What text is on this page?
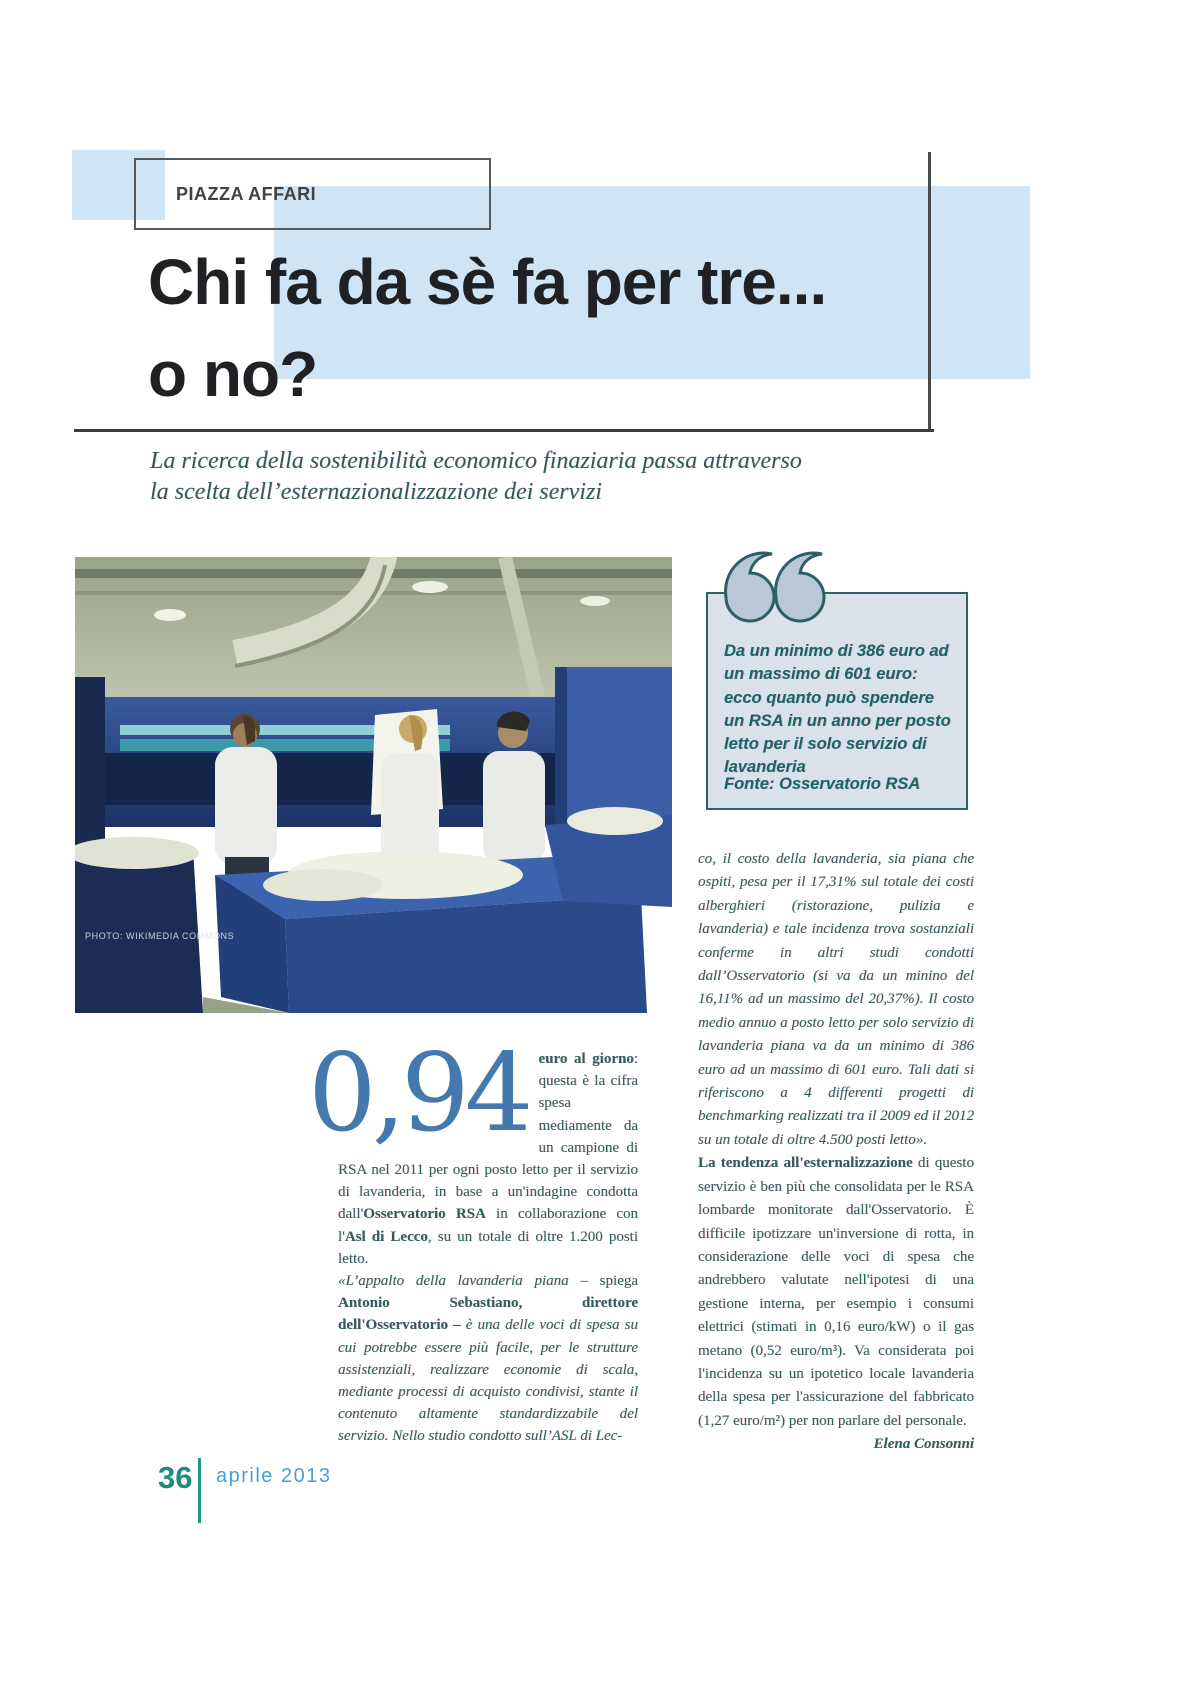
PIAZZA AFFARI
Chi fa da sè fa per tre...
o no?
La ricerca della sostenibilità economico finaziaria passa attraverso
la scelta dell’esternazionalizzazione dei servizi
PHOTO: WIKIMEDIA COMMONS
Da un minimo di 386 euro ad un massimo di 601 euro: ecco quanto può spendere un RSA in un anno per posto letto per il solo servizio di lavanderia
Fonte: Osservatorio RSA

0,94 euro al giorno: questa è la cifra spesa mediamente da un campione di RSA nel 2011 per ogni posto letto per il servizio di lavanderia, in base a un'indagine condotta dall'Osservatorio RSA in collaborazione con l'Asl di Lecco, su un totale di oltre 1.200 posti letto.

«L’appalto della lavanderia piana – spiega Antonio Sebastiano, direttore dell'Osservatorio – è una delle voci di spesa su cui potrebbe essere più facile, per le strutture assistenziali, realizzare economie di scala, mediante processi di acquisto condivisi, stante il contenuto altamente standardizzabile del servizio. Nello studio condotto sull’ASL di Lec-

co, il costo della lavanderia, sia piana che ospiti, pesa per il 17,31% sul totale dei costi alberghieri (ristorazione, pulizia e lavanderia) e tale incidenza trova sostanziali conferme in altri studi condotti dall’Osservatorio (si va da un minino del 16,11% ad un massimo del 20,37%). Il costo medio annuo a posto letto per solo servizio di lavanderia piana va da un minimo di 386 euro ad un massimo di 601 euro. Tali dati si riferiscono a 4 differenti progetti di benchmarking realizzati tra il 2009 ed il 2012 su un totale di oltre 4.500 posti letto».

La tendenza all'esternalizzazione di questo servizio è ben più che consolidata per le RSA lombarde monitorate dall'Osservatorio. È difficile ipotizzare un'inversione di rotta, in considerazione delle voci di spesa che andrebbero valutate nell'ipotesi di una gestione interna, per esempio i consumi elettrici (stimati in 0,16 euro/kW) o il gas metano (0,52 euro/m³). Va considerata poi l'incidenza su un ipotetico locale lavanderia della spesa per l'assicurazione del fabbricato (1,27 euro/m²) per non parlare del personale.

Elena Consonni

36 aprile 2013
